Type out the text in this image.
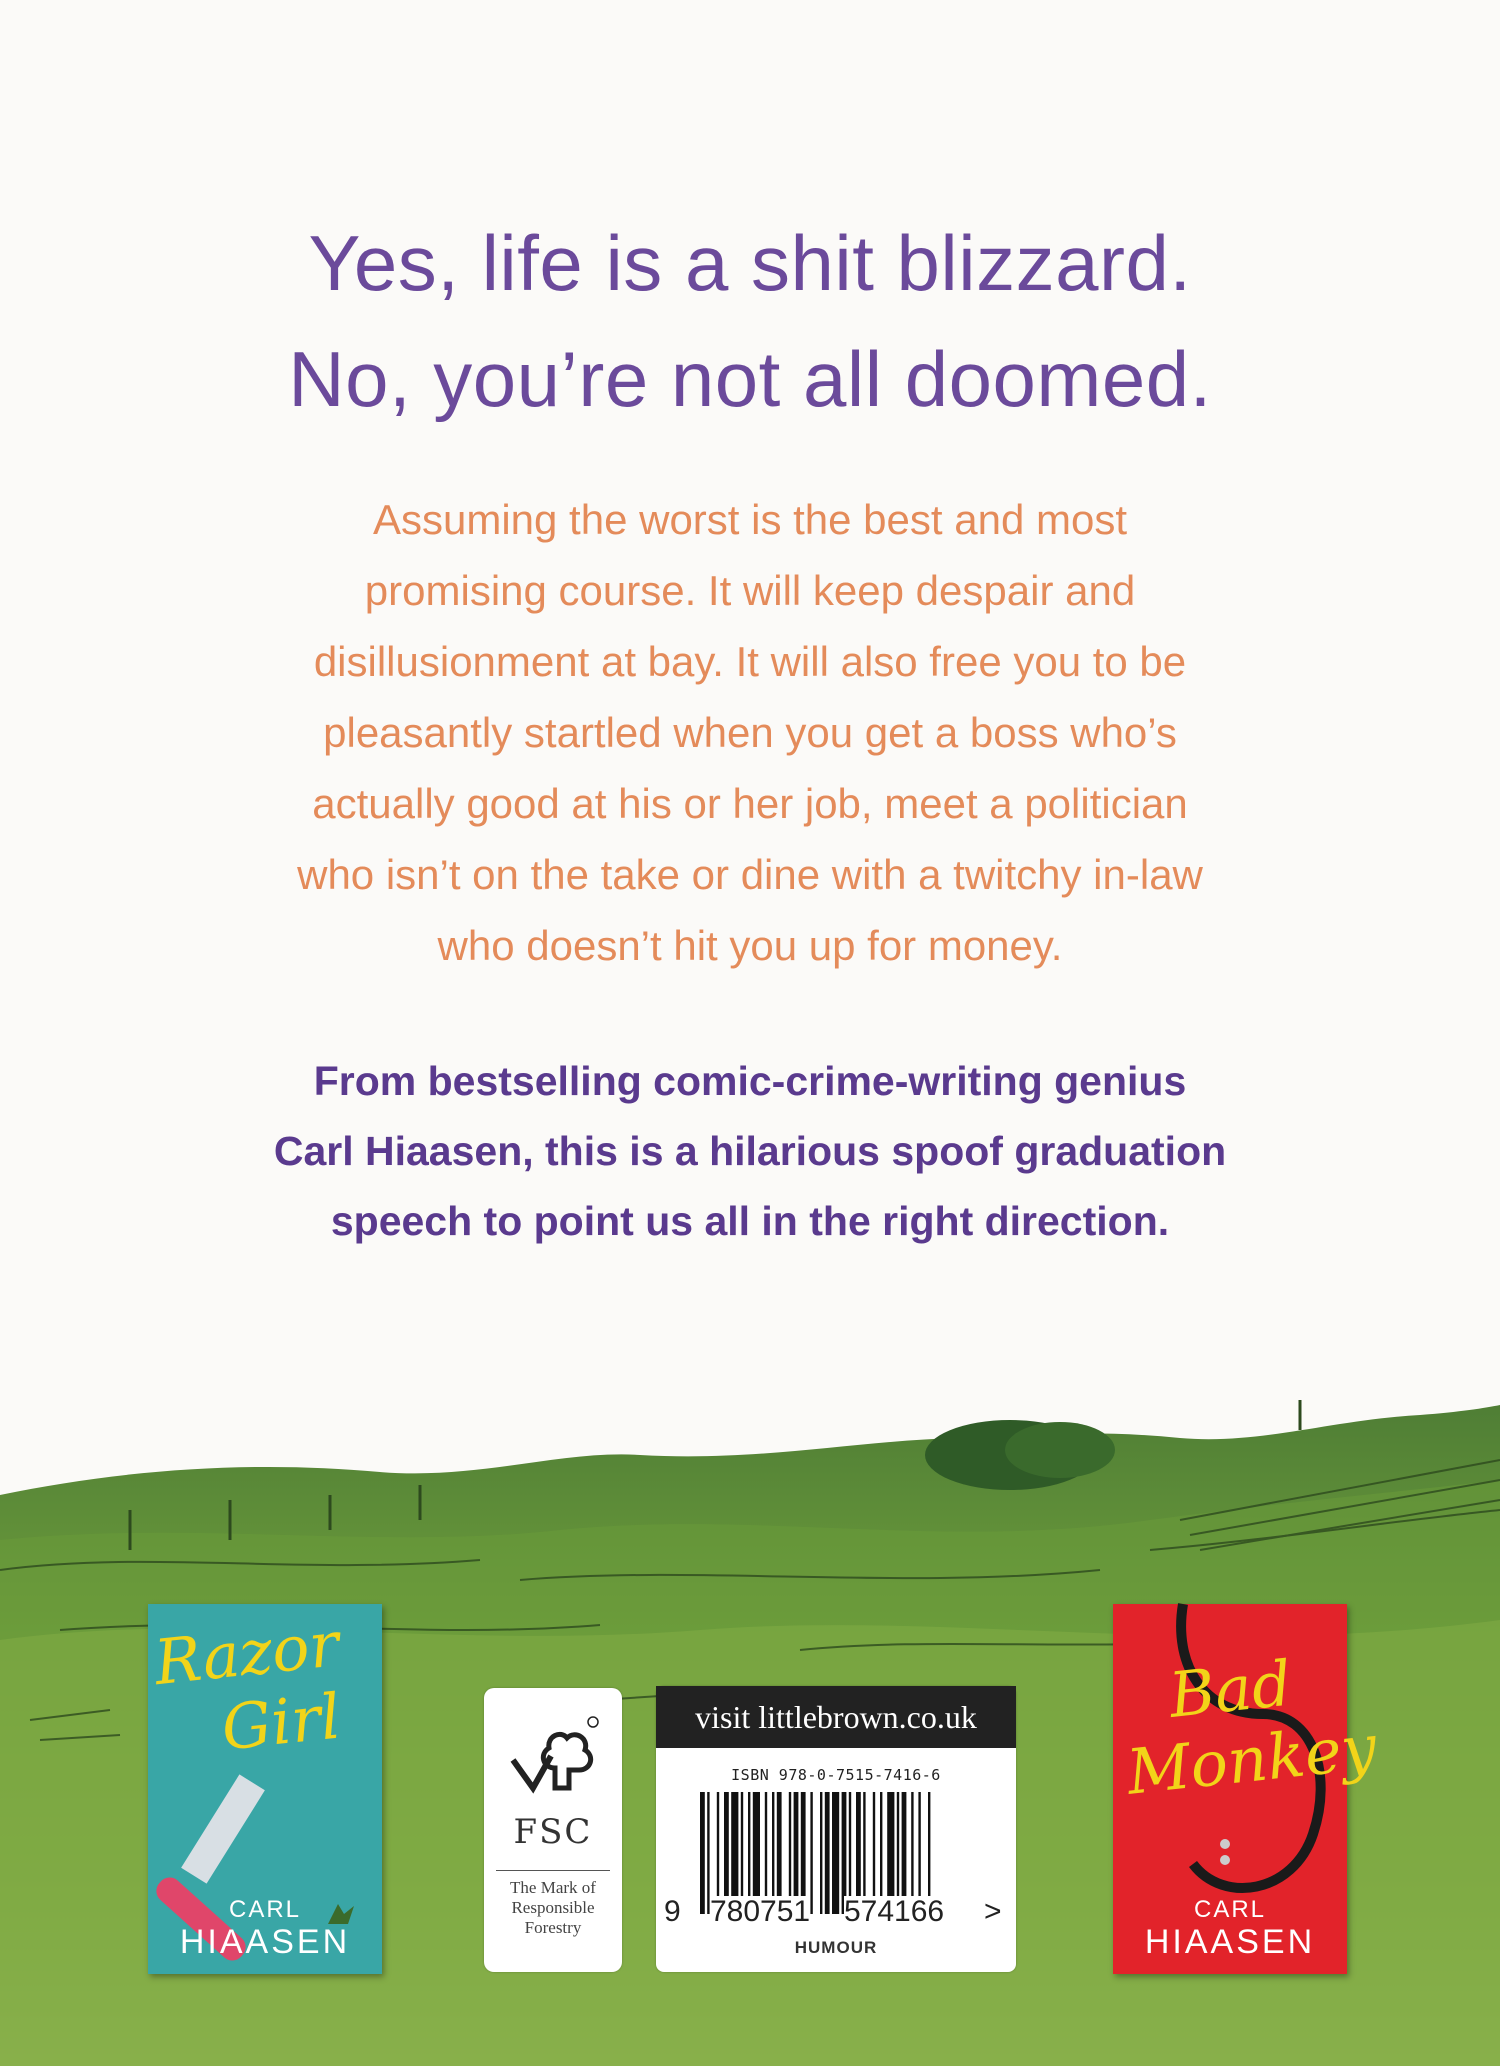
Yes, life is a shit blizzard.
No, you’re not all doomed.
Assuming the worst is the best and most
promising course. It will keep despair and
disillusionment at bay. It will also free you to be
pleasantly startled when you get a boss who’s
actually good at his or her job, meet a politician
who isn’t on the take or dine with a twitchy in-law
who doesn’t hit you up for money.
From bestselling comic-crime-writing genius
Carl Hiaasen, this is a hilarious spoof graduation
speech to point us all in the right direction.
Razor
Girl
CARL
HIAASEN
FSC
The Mark of
Responsible
Forestry
visit littlebrown.co.uk
ISBN 978-0-7515-7416-6
9 780751 574166 >
HUMOUR
Bad
Monkey
CARL
HIAASEN
